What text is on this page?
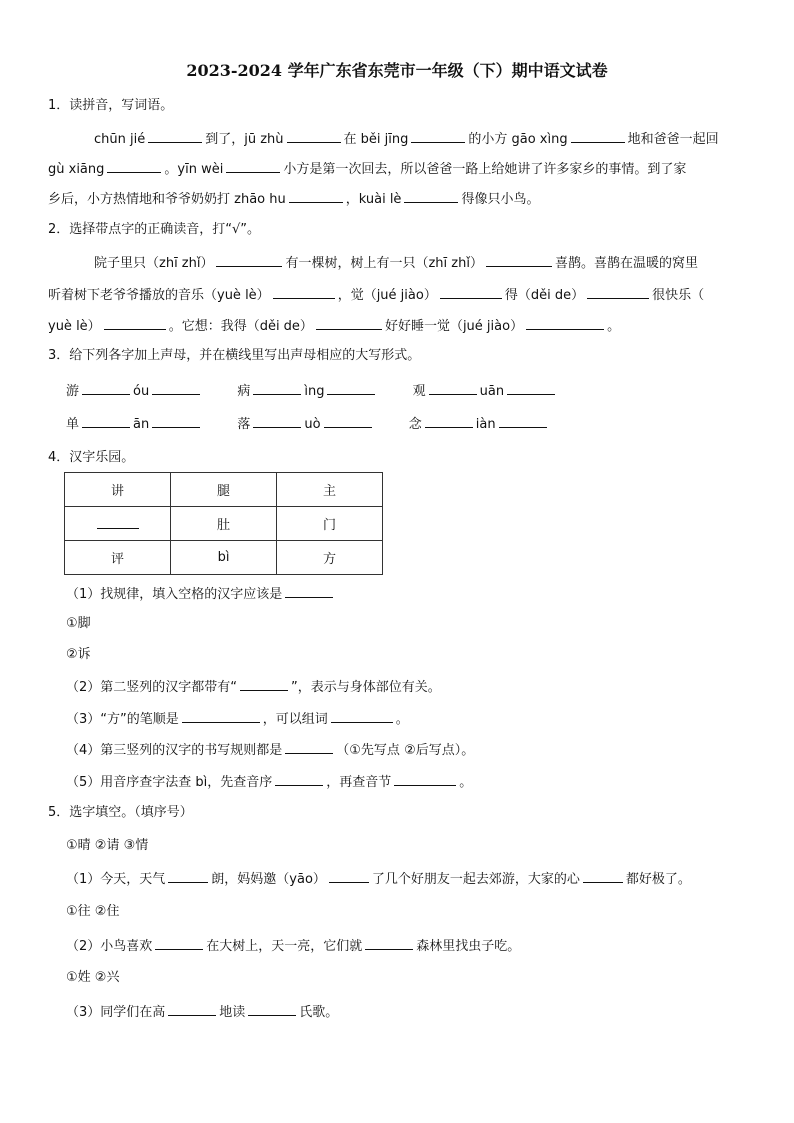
2023-2024 学年广东省东莞市一年级（下）期中语文试卷
1．读拼音，写词语。
chūn jié	到了，jū zhù	在 běi jīng	的小方 gāo xìng	地和爸爸一起回
gù xiāng	。yīn wèi	小方是第一次回去，所以爸爸一路上给她讲了许多家乡的事情。到了家
乡后，小方热情地和爷爷奶奶打 zhāo hu	，kuài lè	得像只小鸟。
2．选择带点字的正确读音，打“√”。
院子里只（zhī zhǐ）	有一棵树，树上有一只（zhī zhǐ）	喜鹊。喜鹊在温暖的窝里
听着树下老爷爷播放的音乐（yuè lè）	，觉（jué jiào）	得（děi de）	很快乐（
yuè lè）	。它想：我得（děi de）	好好睡一觉（jué jiào）	。
3．给下列各字加上声母，并在横线里写出声母相应的大写形式。
游	óu	病	ìng	观	uān
单	ān	落	uò	念	iàn
4．汉字乐园。
讲	腿	主
	肚	门
评	bì	方
（1）找规律，填入空格的汉字应该是
①脚
②诉
（2）第二竖列的汉字都带有“	”，表示与身体部位有关。
（3）“方”的笔顺是	，可以组词	。
（4）第三竖列的汉字的书写规则都是	（①先写点 ②后写点）。
（5）用音序查字法查 bì，先查音序	，再查音节	。
5．选字填空。（填序号）
①晴 ②请 ③情
（1）今天，天气	朗，妈妈邀（yāo）	了几个好朋友一起去郊游，大家的心	都好极了。
①往 ②住
（2）小鸟喜欢	在大树上，天一亮，它们就	森林里找虫子吃。
①姓 ②兴
（3）同学们在高	地读	氏歌。
